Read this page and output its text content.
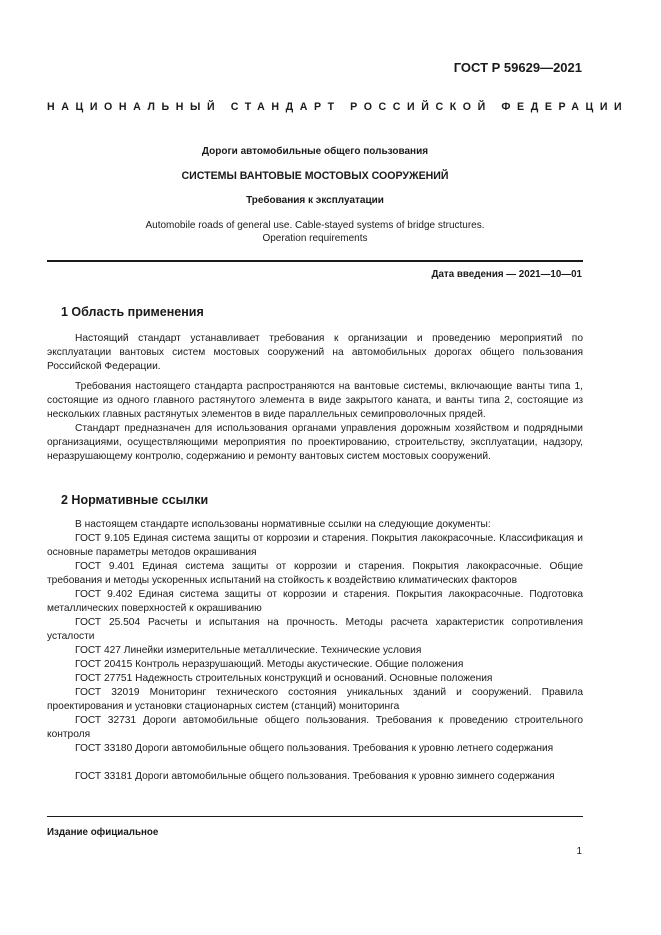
ГОСТ Р 59629—2021
НАЦИОНАЛЬНЫЙ СТАНДАРТ РОССИЙСКОЙ ФЕДЕРАЦИИ
Дороги автомобильные общего пользования
СИСТЕМЫ ВАНТОВЫЕ МОСТОВЫХ СООРУЖЕНИЙ
Требования к эксплуатации
Automobile roads of general use. Cable-stayed systems of bridge structures.
Operation requirements
Дата введения — 2021—10—01
1 Область применения
Настоящий стандарт устанавливает требования к организации и проведению мероприятий по эксплуатации вантовых систем мостовых сооружений на автомобильных дорогах общего пользования Российской Федерации.
Требования настоящего стандарта распространяются на вантовые системы, включающие ванты типа 1, состоящие из одного главного растянутого элемента в виде закрытого каната, и ванты типа 2, состоящие из нескольких главных растянутых элементов в виде параллельных семипроволочных прядей.
Стандарт предназначен для использования органами управления дорожным хозяйством и подрядными организациями, осуществляющими мероприятия по проектированию, строительству, эксплуатации, надзору, неразрушающему контролю, содержанию и ремонту вантовых систем мостовых сооружений.
2 Нормативные ссылки
В настоящем стандарте использованы нормативные ссылки на следующие документы:
ГОСТ 9.105 Единая система защиты от коррозии и старения. Покрытия лакокрасочные. Классификация и основные параметры методов окрашивания
ГОСТ 9.401 Единая система защиты от коррозии и старения. Покрытия лакокрасочные. Общие требования и методы ускоренных испытаний на стойкость к воздействию климатических факторов
ГОСТ 9.402 Единая система защиты от коррозии и старения. Покрытия лакокрасочные. Подготовка металлических поверхностей к окрашиванию
ГОСТ 25.504 Расчеты и испытания на прочность. Методы расчета характеристик сопротивления усталости
ГОСТ 427 Линейки измерительные металлические. Технические условия
ГОСТ 20415 Контроль неразрушающий. Методы акустические. Общие положения
ГОСТ 27751 Надежность строительных конструкций и оснований. Основные положения
ГОСТ 32019 Мониторинг технического состояния уникальных зданий и сооружений. Правила проектирования и установки стационарных систем (станций) мониторинга
ГОСТ 32731 Дороги автомобильные общего пользования. Требования к проведению строительного контроля
ГОСТ 33180 Дороги автомобильные общего пользования. Требования к уровню летнего содержания
ГОСТ 33181 Дороги автомобильные общего пользования. Требования к уровню зимнего содержания
Издание официальное
1
